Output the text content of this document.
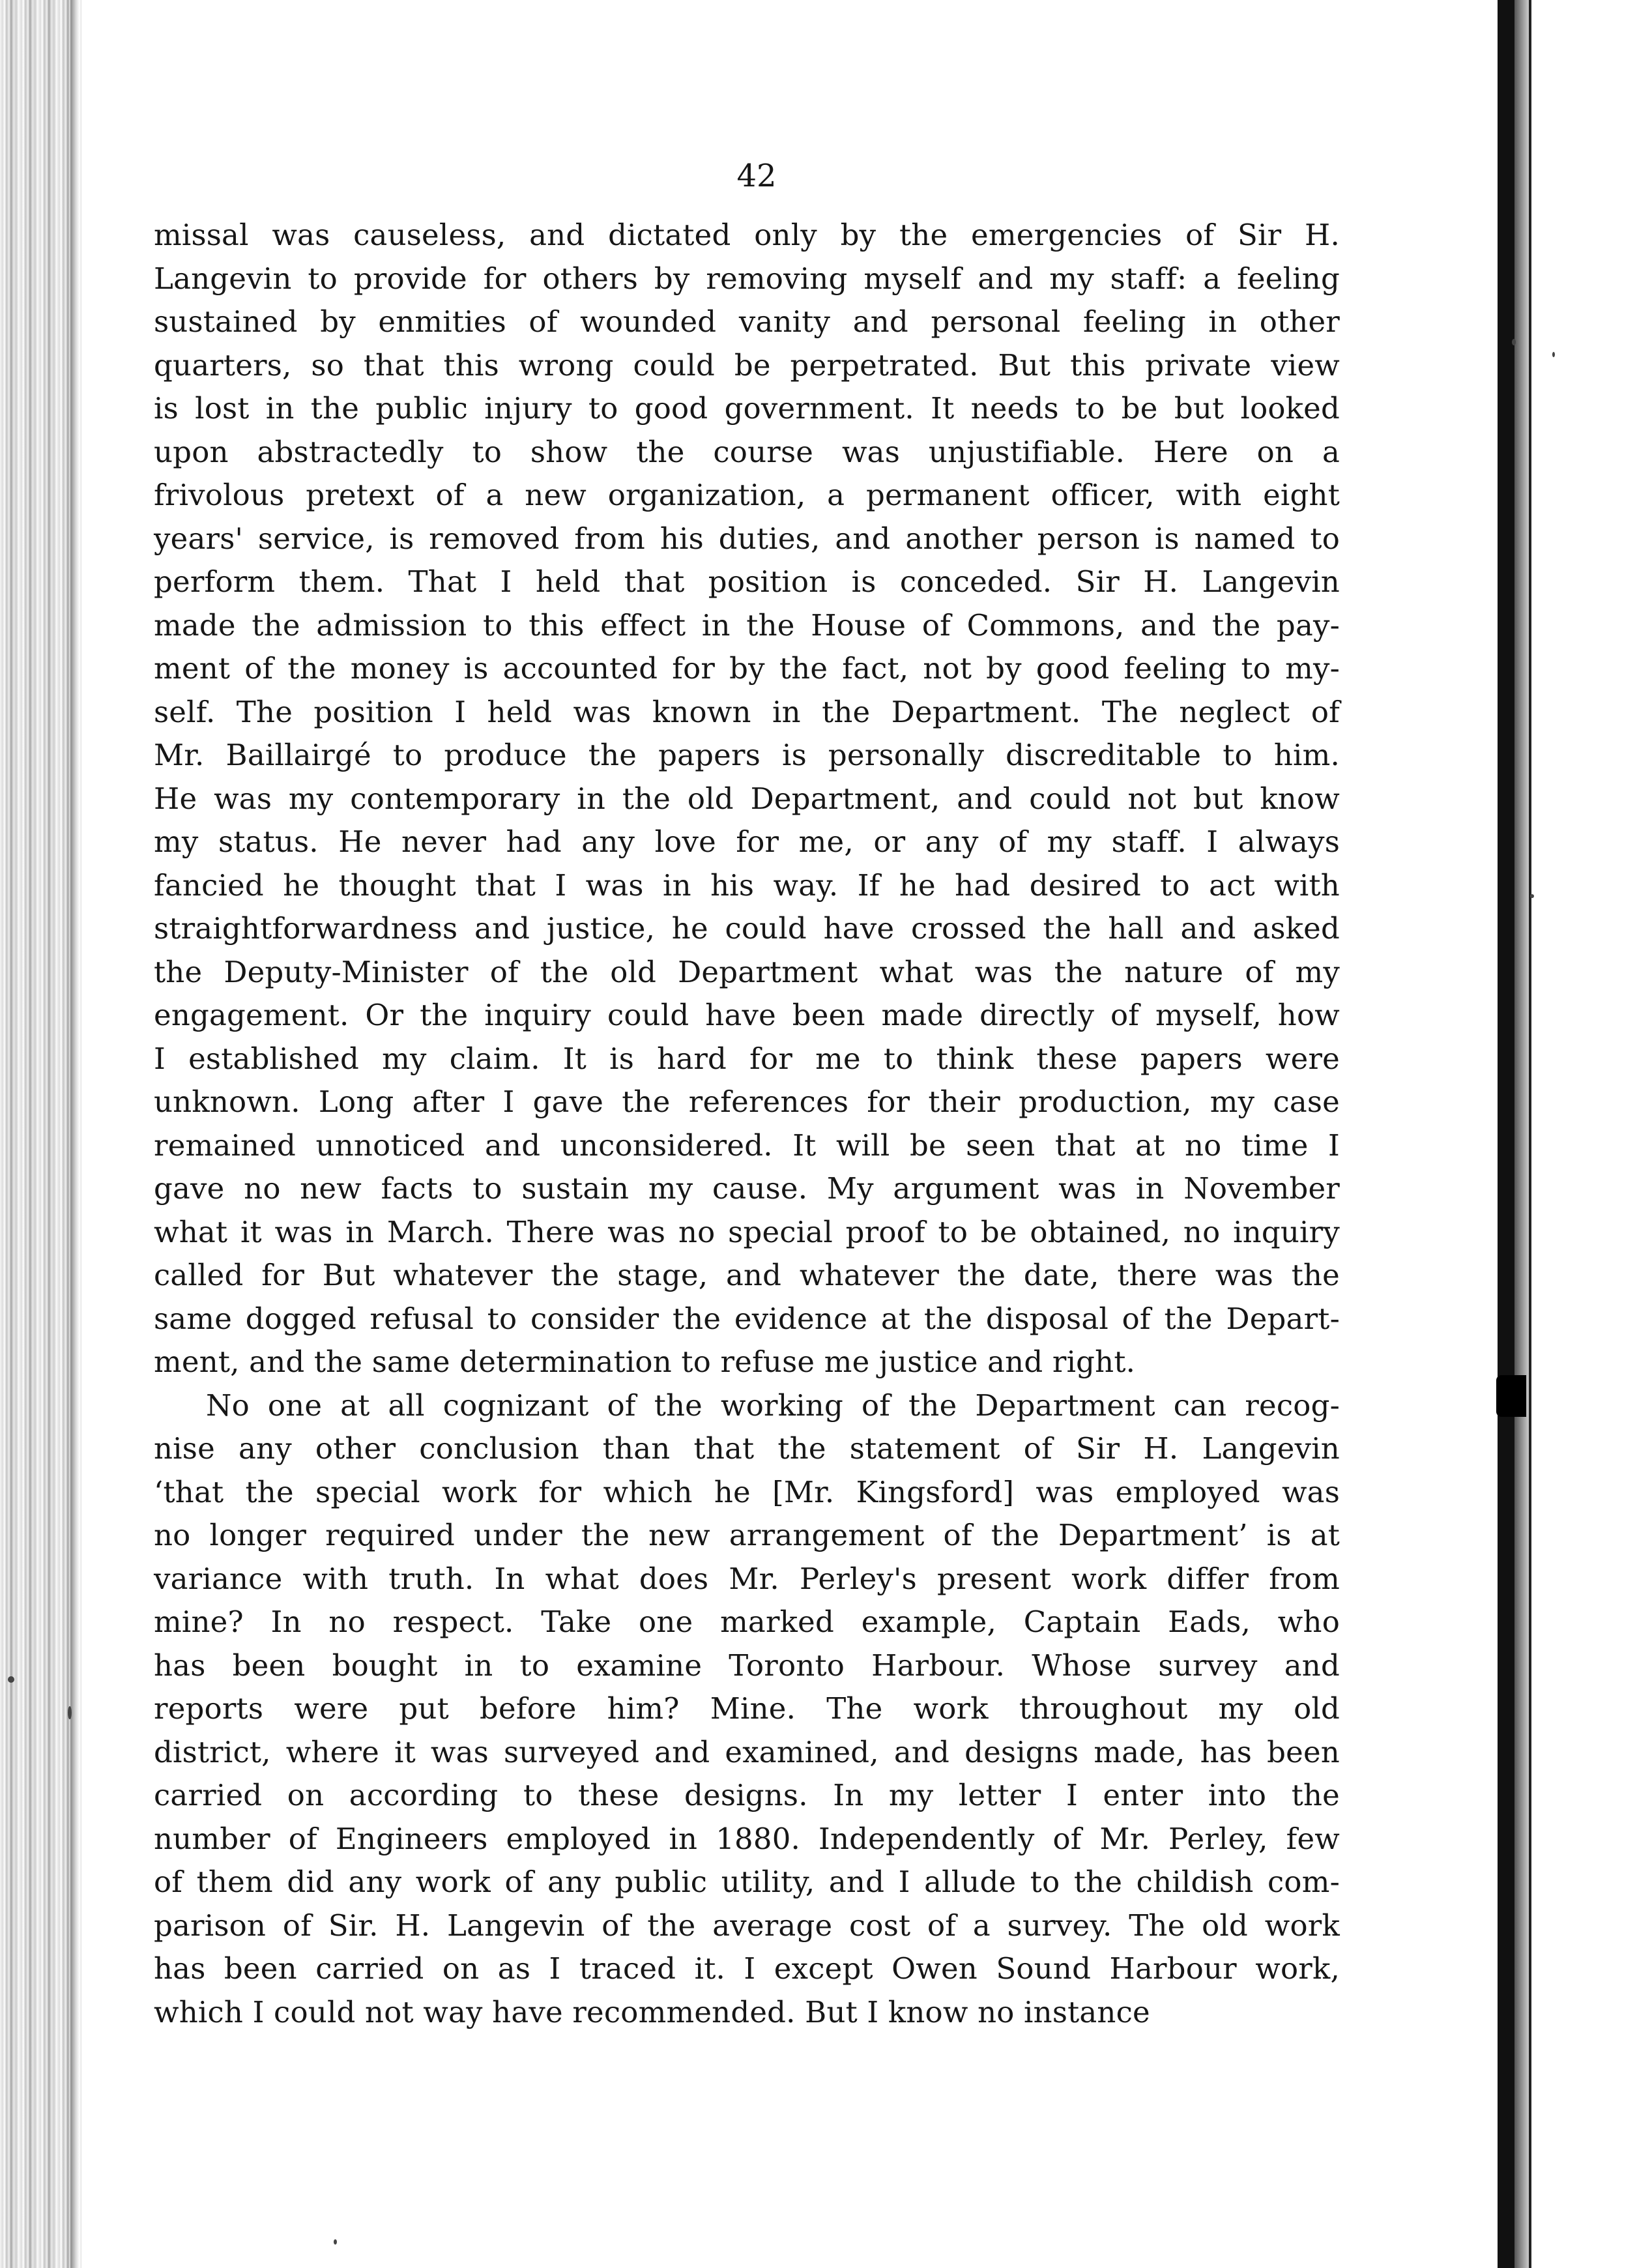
42
missal was causeless, and dictated only by the emergencies of Sir H.
Langevin to provide for others by removing myself and my staff: a feeling
sustained by enmities of wounded vanity and personal feeling in other
quarters, so that this wrong could be perpetrated. But this private view
is lost in the public injury to good government. It needs to be but looked
upon abstractedly to show the course was unjustifiable. Here on a
frivolous pretext of a new organization, a permanent officer, with eight
years' service, is removed from his duties, and another person is named to
perform them. That I held that position is conceded. Sir H. Langevin
made the admission to this effect in the House of Commons, and the pay-
ment of the money is accounted for by the fact, not by good feeling to my-
self. The position I held was known in the Department. The neglect of
Mr. Baillairgé to produce the papers is personally discreditable to him.
He was my contemporary in the old Department, and could not but know
my status. He never had any love for me, or any of my staff. I always
fancied he thought that I was in his way. If he had desired to act with
straightforwardness and justice, he could have crossed the hall and asked
the Deputy-Minister of the old Department what was the nature of my
engagement. Or the inquiry could have been made directly of myself, how
I established my claim. It is hard for me to think these papers were
unknown. Long after I gave the references for their production, my case
remained unnoticed and unconsidered. It will be seen that at no time I
gave no new facts to sustain my cause. My argument was in November
what it was in March. There was no special proof to be obtained, no inquiry
called for But whatever the stage, and whatever the date, there was the
same dogged refusal to consider the evidence at the disposal of the Depart-
ment, and the same determination to refuse me justice and right.
No one at all cognizant of the working of the Department can recog-
nise any other conclusion than that the statement of Sir H. Langevin
‘that the special work for which he [Mr. Kingsford] was employed was
no longer required under the new arrangement of the Department’ is at
variance with truth. In what does Mr. Perley's present work differ from
mine? In no respect. Take one marked example, Captain Eads, who
has been bought in to examine Toronto Harbour. Whose survey and
reports were put before him? Mine. The work throughout my old
district, where it was surveyed and examined, and designs made, has been
carried on according to these designs. In my letter I enter into the
number of Engineers employed in 1880. Independently of Mr. Perley, few
of them did any work of any public utility, and I allude to the childish com-
parison of Sir. H. Langevin of the average cost of a survey. The old work
has been carried on as I traced it. I except Owen Sound Harbour work,
which I could not way have recommended. But I know no instance
